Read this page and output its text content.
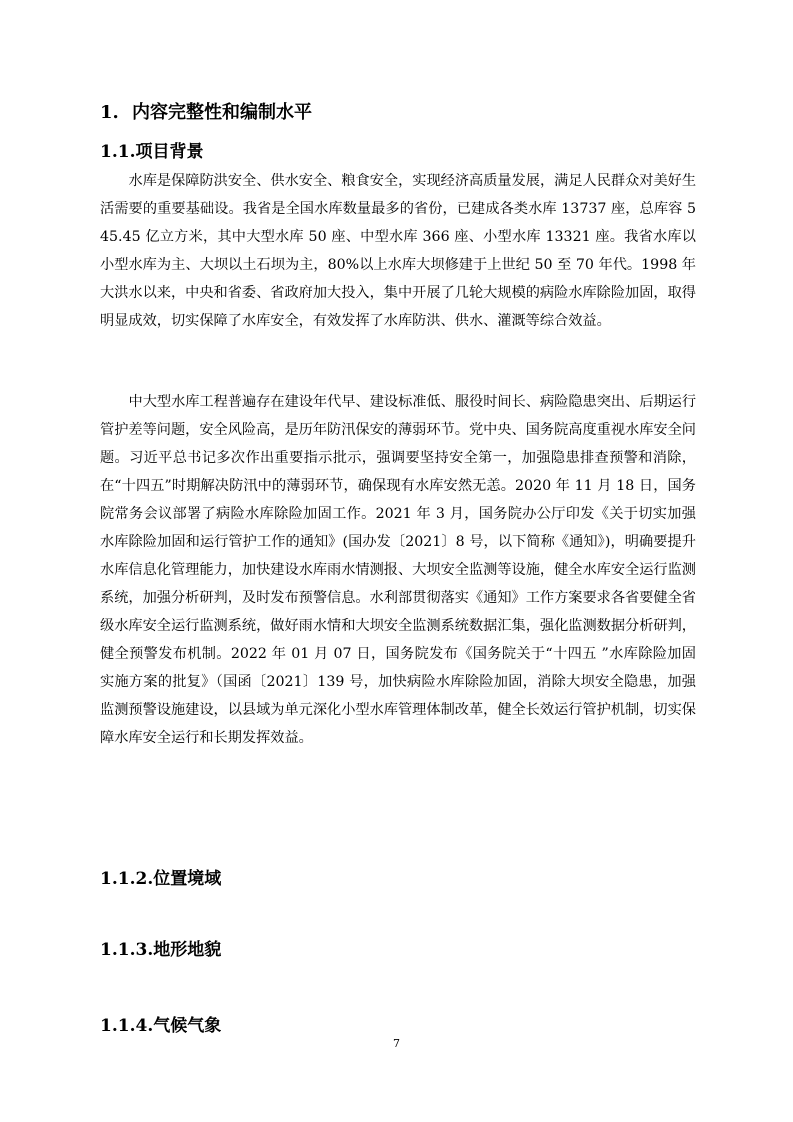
1. 内容完整性和编制水平
1.1.项目背景

水库是保障防洪安全、供水安全、粮食安全，实现经济高质量发展，满足人民群众对美好生活需要的重要基础设。我省是全国水库数量最多的省份，已建成各类水库 13737 座，总库容 545.45 亿立方米，其中大型水库 50 座、中型水库 366 座、小型水库 13321 座。我省水库以小型水库为主、大坝以土石坝为主，80%以上水库大坝修建于上世纪 50 至 70 年代。1998 年大洪水以来，中央和省委、省政府加大投入，集中开展了几轮大规模的病险水库除险加固，取得明显成效，切实保障了水库安全，有效发挥了水库防洪、供水、灌溉等综合效益。

中大型水库工程普遍存在建设年代早、建设标准低、服役时间长、病险隐患突出、后期运行管护差等问题，安全风险高，是历年防汛保安的薄弱环节。党中央、国务院高度重视水库安全问题。习近平总书记多次作出重要指示批示，强调要坚持安全第一，加强隐患排查预警和消除，在“十四五”时期解决防汛中的薄弱环节，确保现有水库安然无恙。2020 年 11 月 18 日，国务院常务会议部署了病险水库除险加固工作。2021 年 3 月，国务院办公厅印发《关于切实加强水库除险加固和运行管护工作的通知》(国办发〔2021〕8 号，以下简称《通知》)，明确要提升水库信息化管理能力，加快建设水库雨水情测报、大坝安全监测等设施，健全水库安全运行监测系统，加强分析研判，及时发布预警信息。水利部贯彻落实《通知》工作方案要求各省要健全省级水库安全运行监测系统，做好雨水情和大坝安全监测系统数据汇集，强化监测数据分析研判，健全预警发布机制。2022 年 01 月 07 日，国务院发布《国务院关于“十四五 ”水库除险加固实施方案的批复》（国函〔2021〕139 号，加快病险水库除险加固，消除大坝安全隐患，加强监测预警设施建设，以县域为单元深化小型水库管理体制改革，健全长效运行管护机制，切实保障水库安全运行和长期发挥效益。

1.1.2.位置境域
1.1.3.地形地貌
1.1.4.气候气象
7
